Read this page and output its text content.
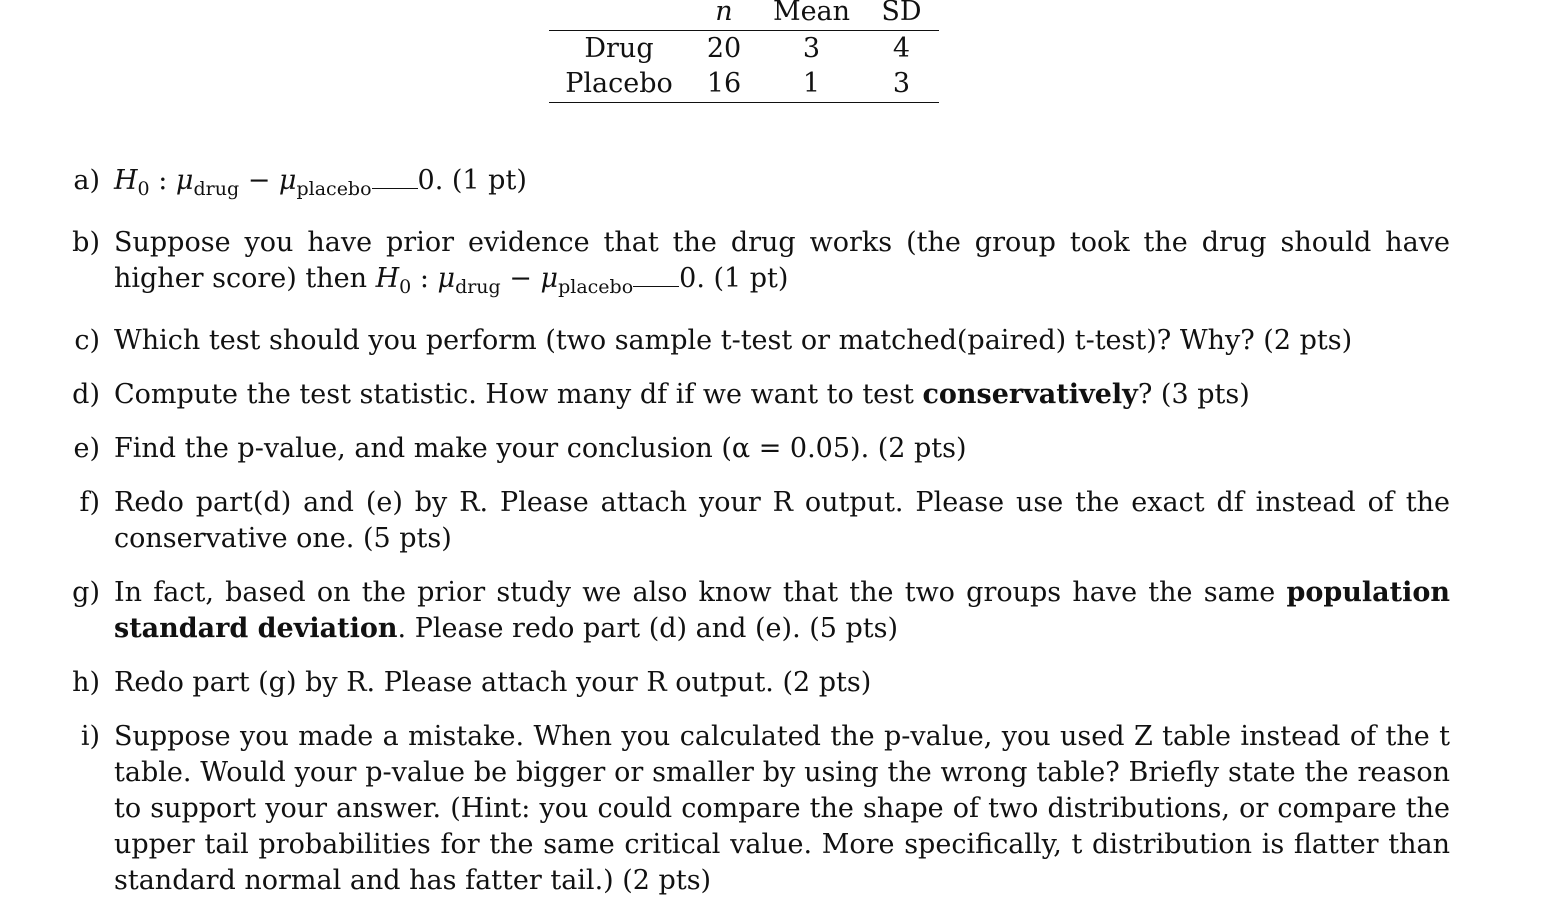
	n	Mean	SD
Drug	20	3	4
Placebo	16	1	3
a) $H_0$ : $\mu_{drug} - \mu_{placebo}$ 0. (1 pt)
b) Suppose you have prior evidence that the drug works (the group took the drug should have higher score) then $H_0$ : $\mu_{drug} - \mu_{placebo}$ 0. (1 pt)
c) Which test should you perform (two sample t-test or matched(paired) t-test)? Why? (2 pts)
d) Compute the test statistic. How many df if we want to test conservatively? (3 pts)
e) Find the p-value, and make your conclusion (α = 0.05). (2 pts)
f) Redo part(d) and (e) by R. Please attach your R output. Please use the exact df instead of the conservative one. (5 pts)
g) In fact, based on the prior study we also know that the two groups have the same population standard deviation. Please redo part (d) and (e). (5 pts)
h) Redo part (g) by R. Please attach your R output. (2 pts)
i) Suppose you made a mistake. When you calculated the p-value, you used Z table instead of the t table. Would your p-value be bigger or smaller by using the wrong table? Briefly state the reason to support your answer. (Hint: you could compare the shape of two distributions, or compare the upper tail probabilities for the same critical value. More specifically, t distribution is flatter than standard normal and has fatter tail.) (2 pts)
